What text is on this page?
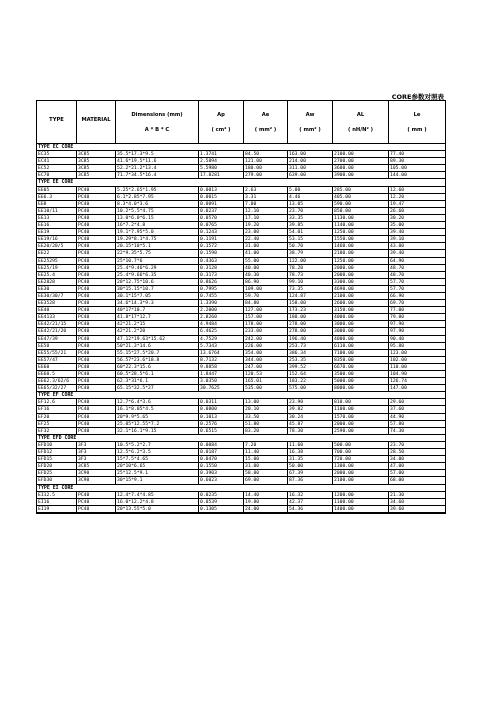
CORE参数对照表
TYPE	MATERIAL
Dimensions (mm)
A * B * C
Ap
( cm⁴ )
Ae
( mm² )
Aw
( mm² )
AL
( nH/N² )
Le
( mm )
TYPE EC CORE
EC35	3C85	35.5*17.3*9.5	1.3741	84.50	163.00	2100.00	77.40
EC41	3C85	41.6*19.5*11.6	2.5894	121.00	214.00	2700.00	89.30
EC52	3C85	52.2*21.2*13.4	5.5980	180.00	311.00	3600.00	105.00
EC70	3C85	71.7*34.5*16.4	17.8281	279.00	639.00	3900.00	144.00
TYPE EE CORE
EE05	PC40	5.25*2.65*1.95	0.0013	2.63	5.00	285.00	12.60
EE6.3	PC40	6.1*2.85*7.95	0.0015	3.31	4.46	405.00	12.20
EE8	PC40	8.3*4.0*3.6	0.0091	7.00	13.05	590.00	19.47
EE10/11	PC40	10.2*5.5*4.75	0.0237	12.10	23.70	850.00	26.60
EE13	PC40	13.0*6.0*6.15	0.0570	17.10	33.35	1130.00	30.20
EE16	PC40	16*7.2*4.8	0.0765	19.20	39.85	1140.00	35.00
EE19	PC40	19.1*7.95*5.0	0.1243	23.00	54.01	1250.00	39.40
EE19/16	PC40	19.29*8.1*4.75	0.1191	22.40	53.15	1550.00	39.10
EE20/20/5	PC40	20.15*10*5.1	0.1572	31.00	50.70	1460.00	43.00
EE22	PC40	22*9.35*5.75	0.1590	41.00	38.79	2180.00	39.40
EE25295	PC40	25*10.7*6	0.4363	55.00	122.00	1250.00	64.90
EE25/19	PC40	25.4*9.46*6.29	0.3128	40.00	78.20	2000.00	48.70
EE25.4	PC40	25.4*9.66*6.35	0.3173	40.30	78.73	2000.00	48.70
EE2828	PC40	28*12.75*10.6	0.8626	86.90	99.10	3300.00	57.70
EE30	PC40	30*15.15*10.7	0.7995	109.00	73.35	4690.00	57.70
EE30/30/7	PC40	30.1*15*7.05	0.7455	59.70	124.87	2100.00	66.90
EE3528	PC40	34.6*14.3*9.3	1.3390	84.80	158.00	2600.00	69.70
EE40	PC40	40*17*10.7	2.2000	127.00	173.23	3150.00	77.00
EE4133	PC40	41.8*17*12.7	2.8260	157.00	180.00	4000.00	79.00
EE42/21/15	PC40	42*21.2*15	4.9484	178.00	278.00	3000.00	97.90
EE42/21/20	PC40	42*21.2*20	6.4625	233.00	278.00	3000.00	97.90
EE47/39	PC40	47.12*19.63*15.62	4.7529	242.00	196.40	4000.00	90.40
EE50	PC40	50*21.3*14.6	5.7343	226.00	253.73	6110.00	95.80
EE55/55/21	PC40	55.15*27.5*20.7	13.6764	354.00	386.34	7100.00	123.00
EE57/47	PC40	56.57*23.6*18.8	8.7132	344.00	253.35	8350.00	102.00
EE60	PC40	60*22.3*15.6	9.8858	247.00	399.52	6670.00	110.00
EE60.5	PC40	60.5*28.5*6.1	1.8447	120.53	152.64	3500.00	104.90
EE62.3/62/6	PC40	62.3*31*6.1	3.0350	165.01	183.22	5000.00	126.74
EE65/32/27	PC40	65.15*32.5*27	30.7625	535.00	575.00	8000.00	147.00
TYPE EF CORE
EF12.6	PC40	12.7*6.4*3.6	0.0311	13.00	23.90	810.00	29.60
EF16	PC40	16.1*8.05*4.5	0.0800	20.10	39.82	1100.00	37.60
EF20	PC40	20*9.9*5.65	0.1013	33.50	30.24	1570.00	44.90
EF25	PC40	25.05*12.55*7.2	0.2576	51.80	45.87	2000.00	57.80
EF32	PC40	32.1*16.1*9.15	0.6515	83.20	78.30	2590.00	74.30
TYPE EFD CORE
EFD10	3F3	10.5*5.2*2.7	0.0084	7.20	11.60	500.00	23.70
EFD12	3F3	12.5*6.2*3.5	0.0187	11.40	16.38	700.00	28.50
EFD15	3F3	15*7.5*4.65	0.0470	15.00	31.35	720.00	34.00
EFD20	3C85	20*10*6.65	0.1550	31.00	50.00	1300.00	47.00
EFD25	3C90	25*12.5*9.1	0.3903	58.00	67.39	2000.00	57.00
EFD30	3C90	30*15*9.1	0.6023	69.00	87.36	2100.00	68.00
TYPE EI CORE
EI12.5	PC40	12.4*7.4*4.85	0.0235	14.40	16.32	1200.00	21.30
EI16	PC40	16.0*12.2*4.8	0.0539	19.80	42.37	1100.00	34.60
EI19	PC40	20*13.55*5.0	0.1305	24.00	54.36	1400.00	39.60
